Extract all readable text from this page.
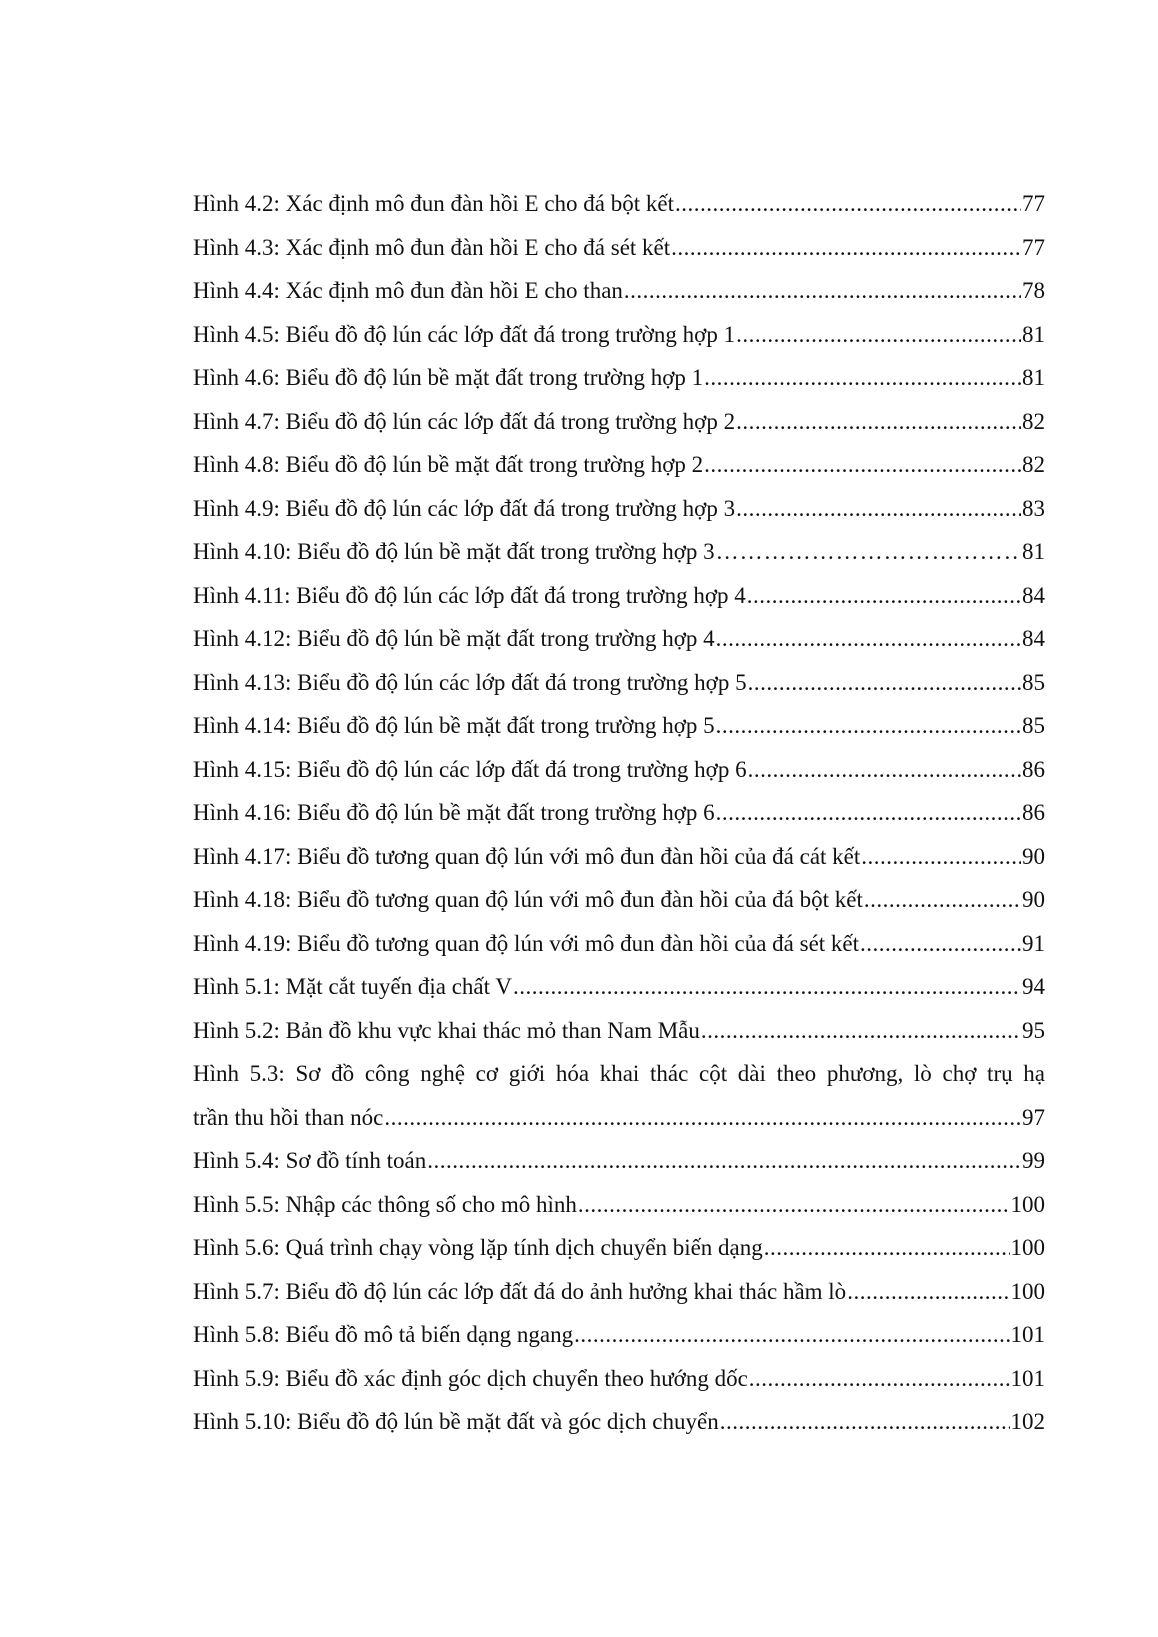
Hình 4.2: Xác định mô đun đàn hồi E cho đá bột kết .....	77
Hình 4.3: Xác định mô đun đàn hồi E cho đá sét kết .....	77
Hình 4.4: Xác định mô đun đàn hồi E cho than .....	78
Hình 4.5: Biểu đồ độ lún các lớp đất đá trong trường hợp 1 .....	81
Hình 4.6: Biểu đồ độ lún bề mặt đất trong trường hợp 1 .....	81
Hình 4.7: Biểu đồ độ lún các lớp đất đá trong trường hợp 2 .....	82
Hình 4.8: Biểu đồ độ lún bề mặt đất trong trường hợp 2 .....	82
Hình 4.9: Biểu đồ độ lún các lớp đất đá trong trường hợp 3 .....	83
Hình 4.10: Biểu đồ độ lún bề mặt đất trong trường hợp 3 ……………………………………………………………………	81
Hình 4.11: Biểu đồ độ lún các lớp đất đá trong trường hợp 4 .....	84
Hình 4.12: Biểu đồ độ lún bề mặt đất trong trường hợp 4 .....	84
Hình 4.13: Biểu đồ độ lún các lớp đất đá trong trường hợp 5 .....	85
Hình 4.14: Biểu đồ độ lún bề mặt đất trong trường hợp 5 .....	85
Hình 4.15: Biểu đồ độ lún các lớp đất đá trong trường hợp 6 .....	86
Hình 4.16: Biểu đồ độ lún bề mặt đất trong trường hợp 6 .....	86
Hình 4.17: Biểu đồ tương quan độ lún với mô đun đàn hồi của đá cát kết .....	90
Hình 4.18: Biểu đồ tương quan độ lún với mô đun đàn hồi của đá bột kết .....	90
Hình 4.19: Biểu đồ tương quan độ lún với mô đun đàn hồi của đá sét kết .....	91
Hình 5.1: Mặt cắt tuyến địa chất V .....	94
Hình 5.2: Bản đồ khu vực khai thác mỏ than Nam Mẫu .....	95
Hình 5.3: Sơ đồ công nghệ cơ giới hóa khai thác cột dài theo phương, lò chợ trụ hạ
trần thu hồi than nóc .....	97
Hình 5.4: Sơ đồ tính toán .....	99
Hình 5.5: Nhập các thông số cho mô hình .....	100
Hình 5.6: Quá trình chạy vòng lặp tính dịch chuyển biến dạng .....	100
Hình 5.7: Biểu đồ độ lún các lớp đất đá do ảnh hưởng khai thác hầm lò .....	100
Hình 5.8: Biểu đồ mô tả biến dạng ngang .....	101
Hình 5.9: Biểu đồ xác định góc dịch chuyển theo hướng dốc .....	101
Hình 5.10: Biểu đồ độ lún bề mặt đất và góc dịch chuyển .....	102
